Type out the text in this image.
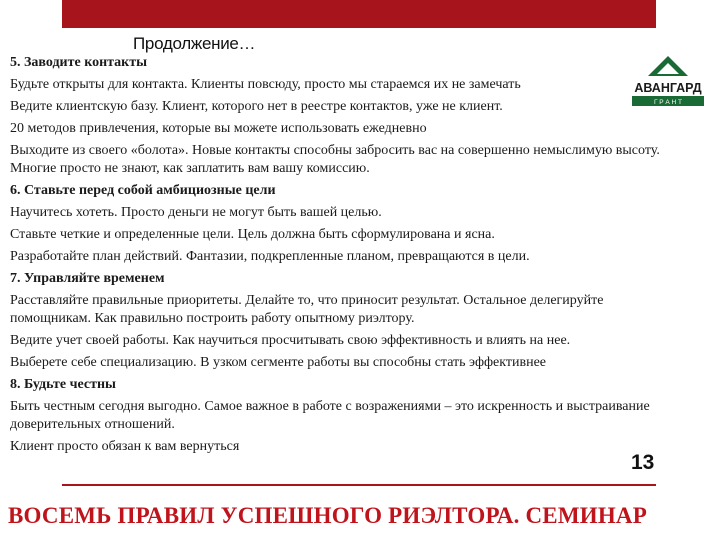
Продолжение…
АВАНГАРД
Г Р А Н Т

5. Заводите контакты

Будьте открыты для контакта. Клиенты повсюду, просто мы стараемся их не замечать

Ведите клиентскую базу. Клиент, которого нет в реестре контактов, уже не клиент.

20 методов привлечения, которые вы можете использовать ежедневно

Выходите из своего «болота». Новые контакты способны забросить вас на совершенно немыслимую высоту. Многие просто не знают, как заплатить вам вашу комиссию.

6. Ставьте перед собой амбициозные цели

Научитесь хотеть. Просто деньги не могут быть вашей целью.

Ставьте четкие и определенные цели. Цель должна быть сформулирована и ясна.

Разработайте план действий. Фантазии, подкрепленные планом, превращаются в цели.

7. Управляйте временем

Расставляйте правильные приоритеты. Делайте то, что приносит результат. Остальное делегируйте помощникам. Как правильно построить работу опытному риэлтору.

Ведите учет своей работы. Как научиться просчитывать свою эффективность и влиять на нее.

Выберете себе специализацию. В узком сегменте работы вы способны стать эффективнее

8. Будьте честны

Быть честным сегодня выгодно. Самое важное в работе с возражениями – это искренность и выстраивание доверительных отношений.

Клиент просто обязан к вам вернуться

13
ВОСЕМЬ ПРАВИЛ УСПЕШНОГО РИЭЛТОРА. СЕМИНАР
